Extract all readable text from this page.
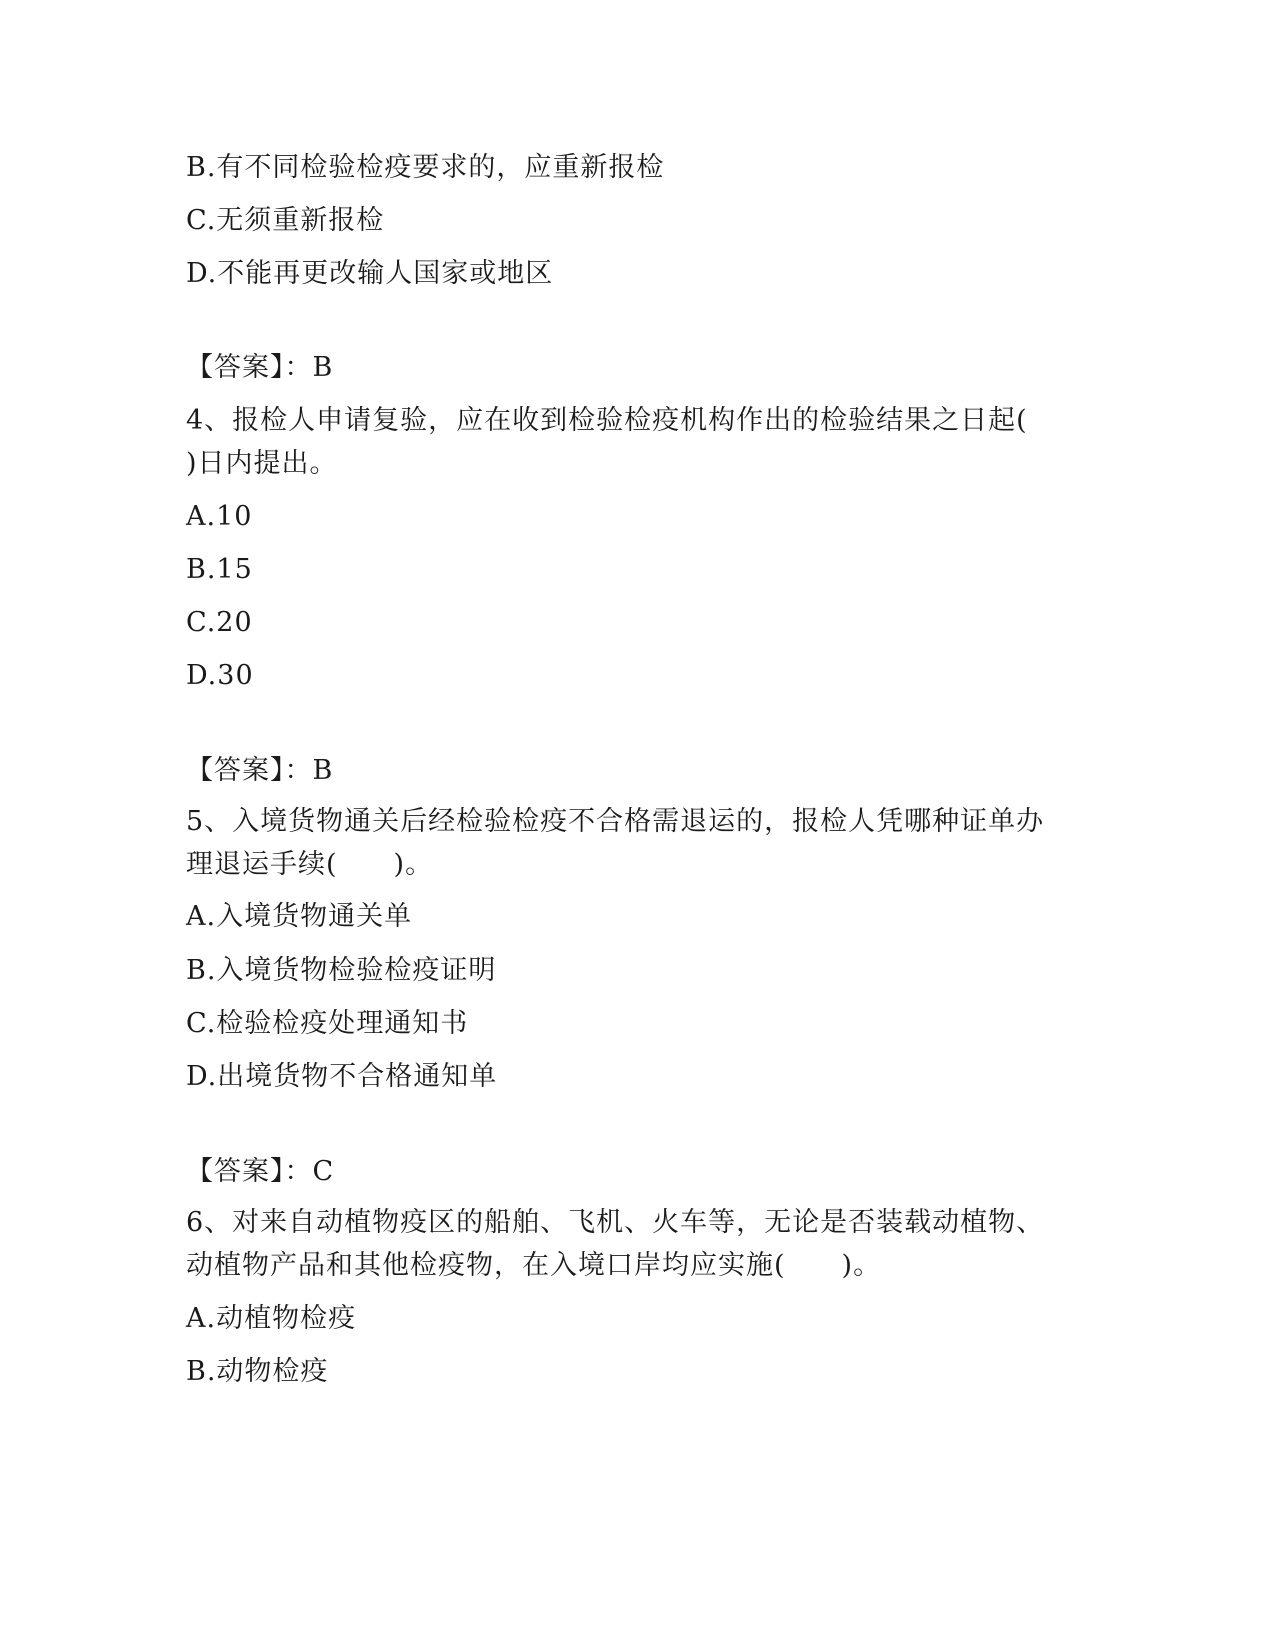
B.有不同检验检疫要求的，应重新报检
C.无须重新报检
D.不能再更改输人国家或地区
【答案】：B
4、报检人申请复验，应在收到检验检疫机构作出的检验结果之日起(
)日内提出。
A.10
B.15
C.20
D.30
【答案】：B
5、入境货物通关后经检验检疫不合格需退运的，报检人凭哪种证单办
理退运手续(　　)。
A.入境货物通关单
B.入境货物检验检疫证明
C.检验检疫处理通知书
D.出境货物不合格通知单
【答案】：C
6、对来自动植物疫区的船舶、飞机、火车等，无论是否装载动植物、
动植物产品和其他检疫物，在入境口岸均应实施(　　)。
A.动植物检疫
B.动物检疫
